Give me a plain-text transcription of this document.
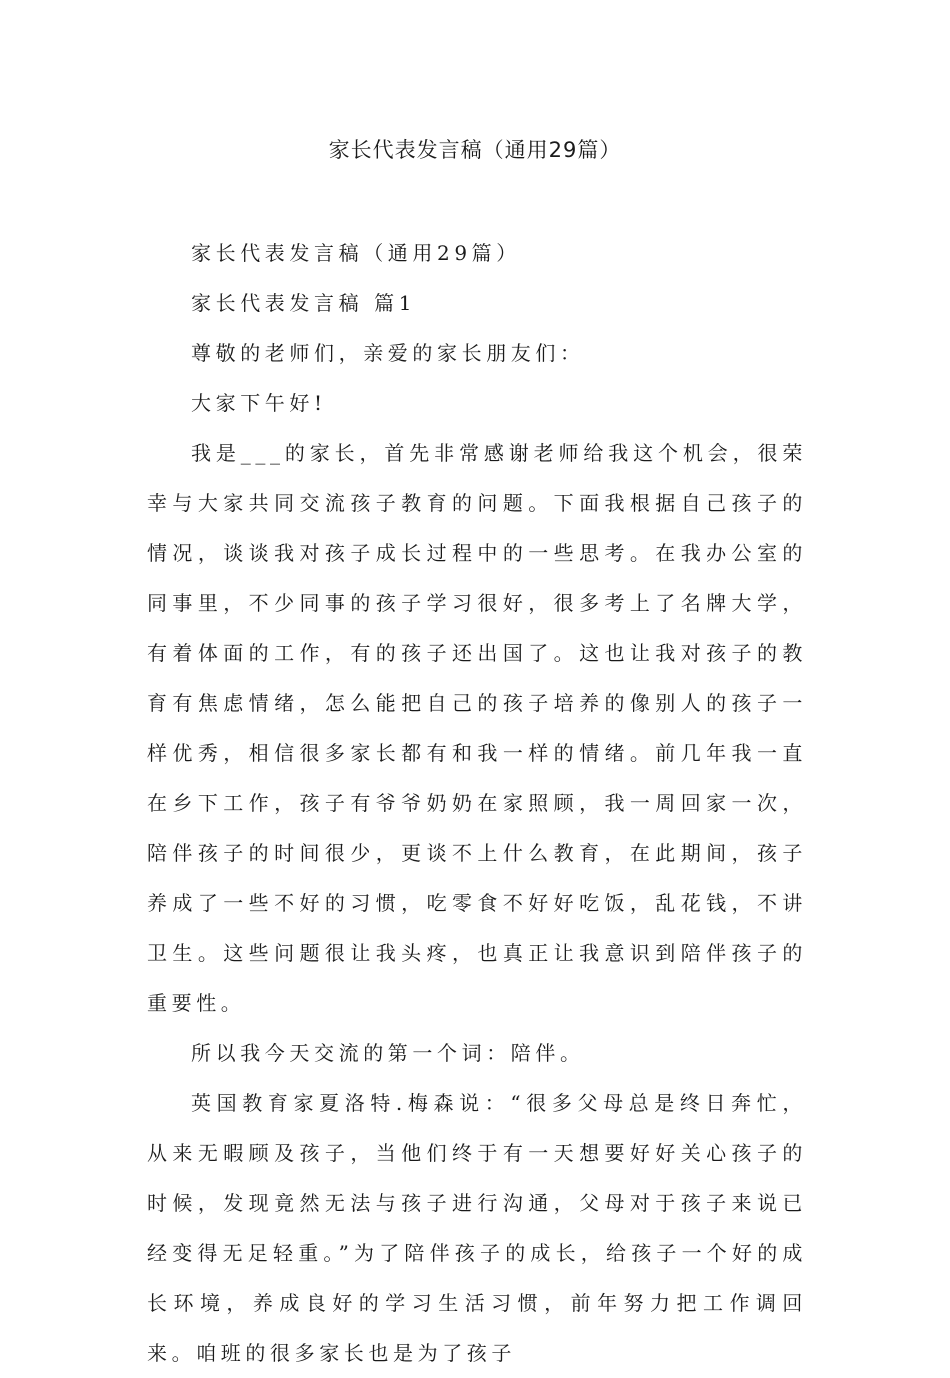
家长代表发言稿（通用29篇）

家长代表发言稿（通用29篇）

家长代表发言稿 篇1

尊敬的老师们，亲爱的家长朋友们：

大家下午好!

我是___的家长，首先非常感谢老师给我这个机会，很荣幸与大家共同交流孩子教育的问题。下面我根据自己孩子的情况，谈谈我对孩子成长过程中的一些思考。在我办公室的同事里，不少同事的孩子学习很好，很多考上了名牌大学，有着体面的工作，有的孩子还出国了。这也让我对孩子的教育有焦虑情绪，怎么能把自己的孩子培养的像别人的孩子一样优秀，相信很多家长都有和我一样的情绪。前几年我一直在乡下工作，孩子有爷爷奶奶在家照顾，我一周回家一次，陪伴孩子的时间很少，更谈不上什么教育，在此期间，孩子养成了一些不好的习惯，吃零食不好好吃饭，乱花钱，不讲卫生。这些问题很让我头疼，也真正让我意识到陪伴孩子的重要性。

所以我今天交流的第一个词：陪伴。

英国教育家夏洛特.梅森说：“很多父母总是终日奔忙，从来无暇顾及孩子，当他们终于有一天想要好好关心孩子的时候，发现竟然无法与孩子进行沟通，父母对于孩子来说已经变得无足轻重。”为了陪伴孩子的成长，给孩子一个好的成长环境，养成良好的学习生活习惯，前年努力把工作调回来。咱班的很多家长也是为了孩子
